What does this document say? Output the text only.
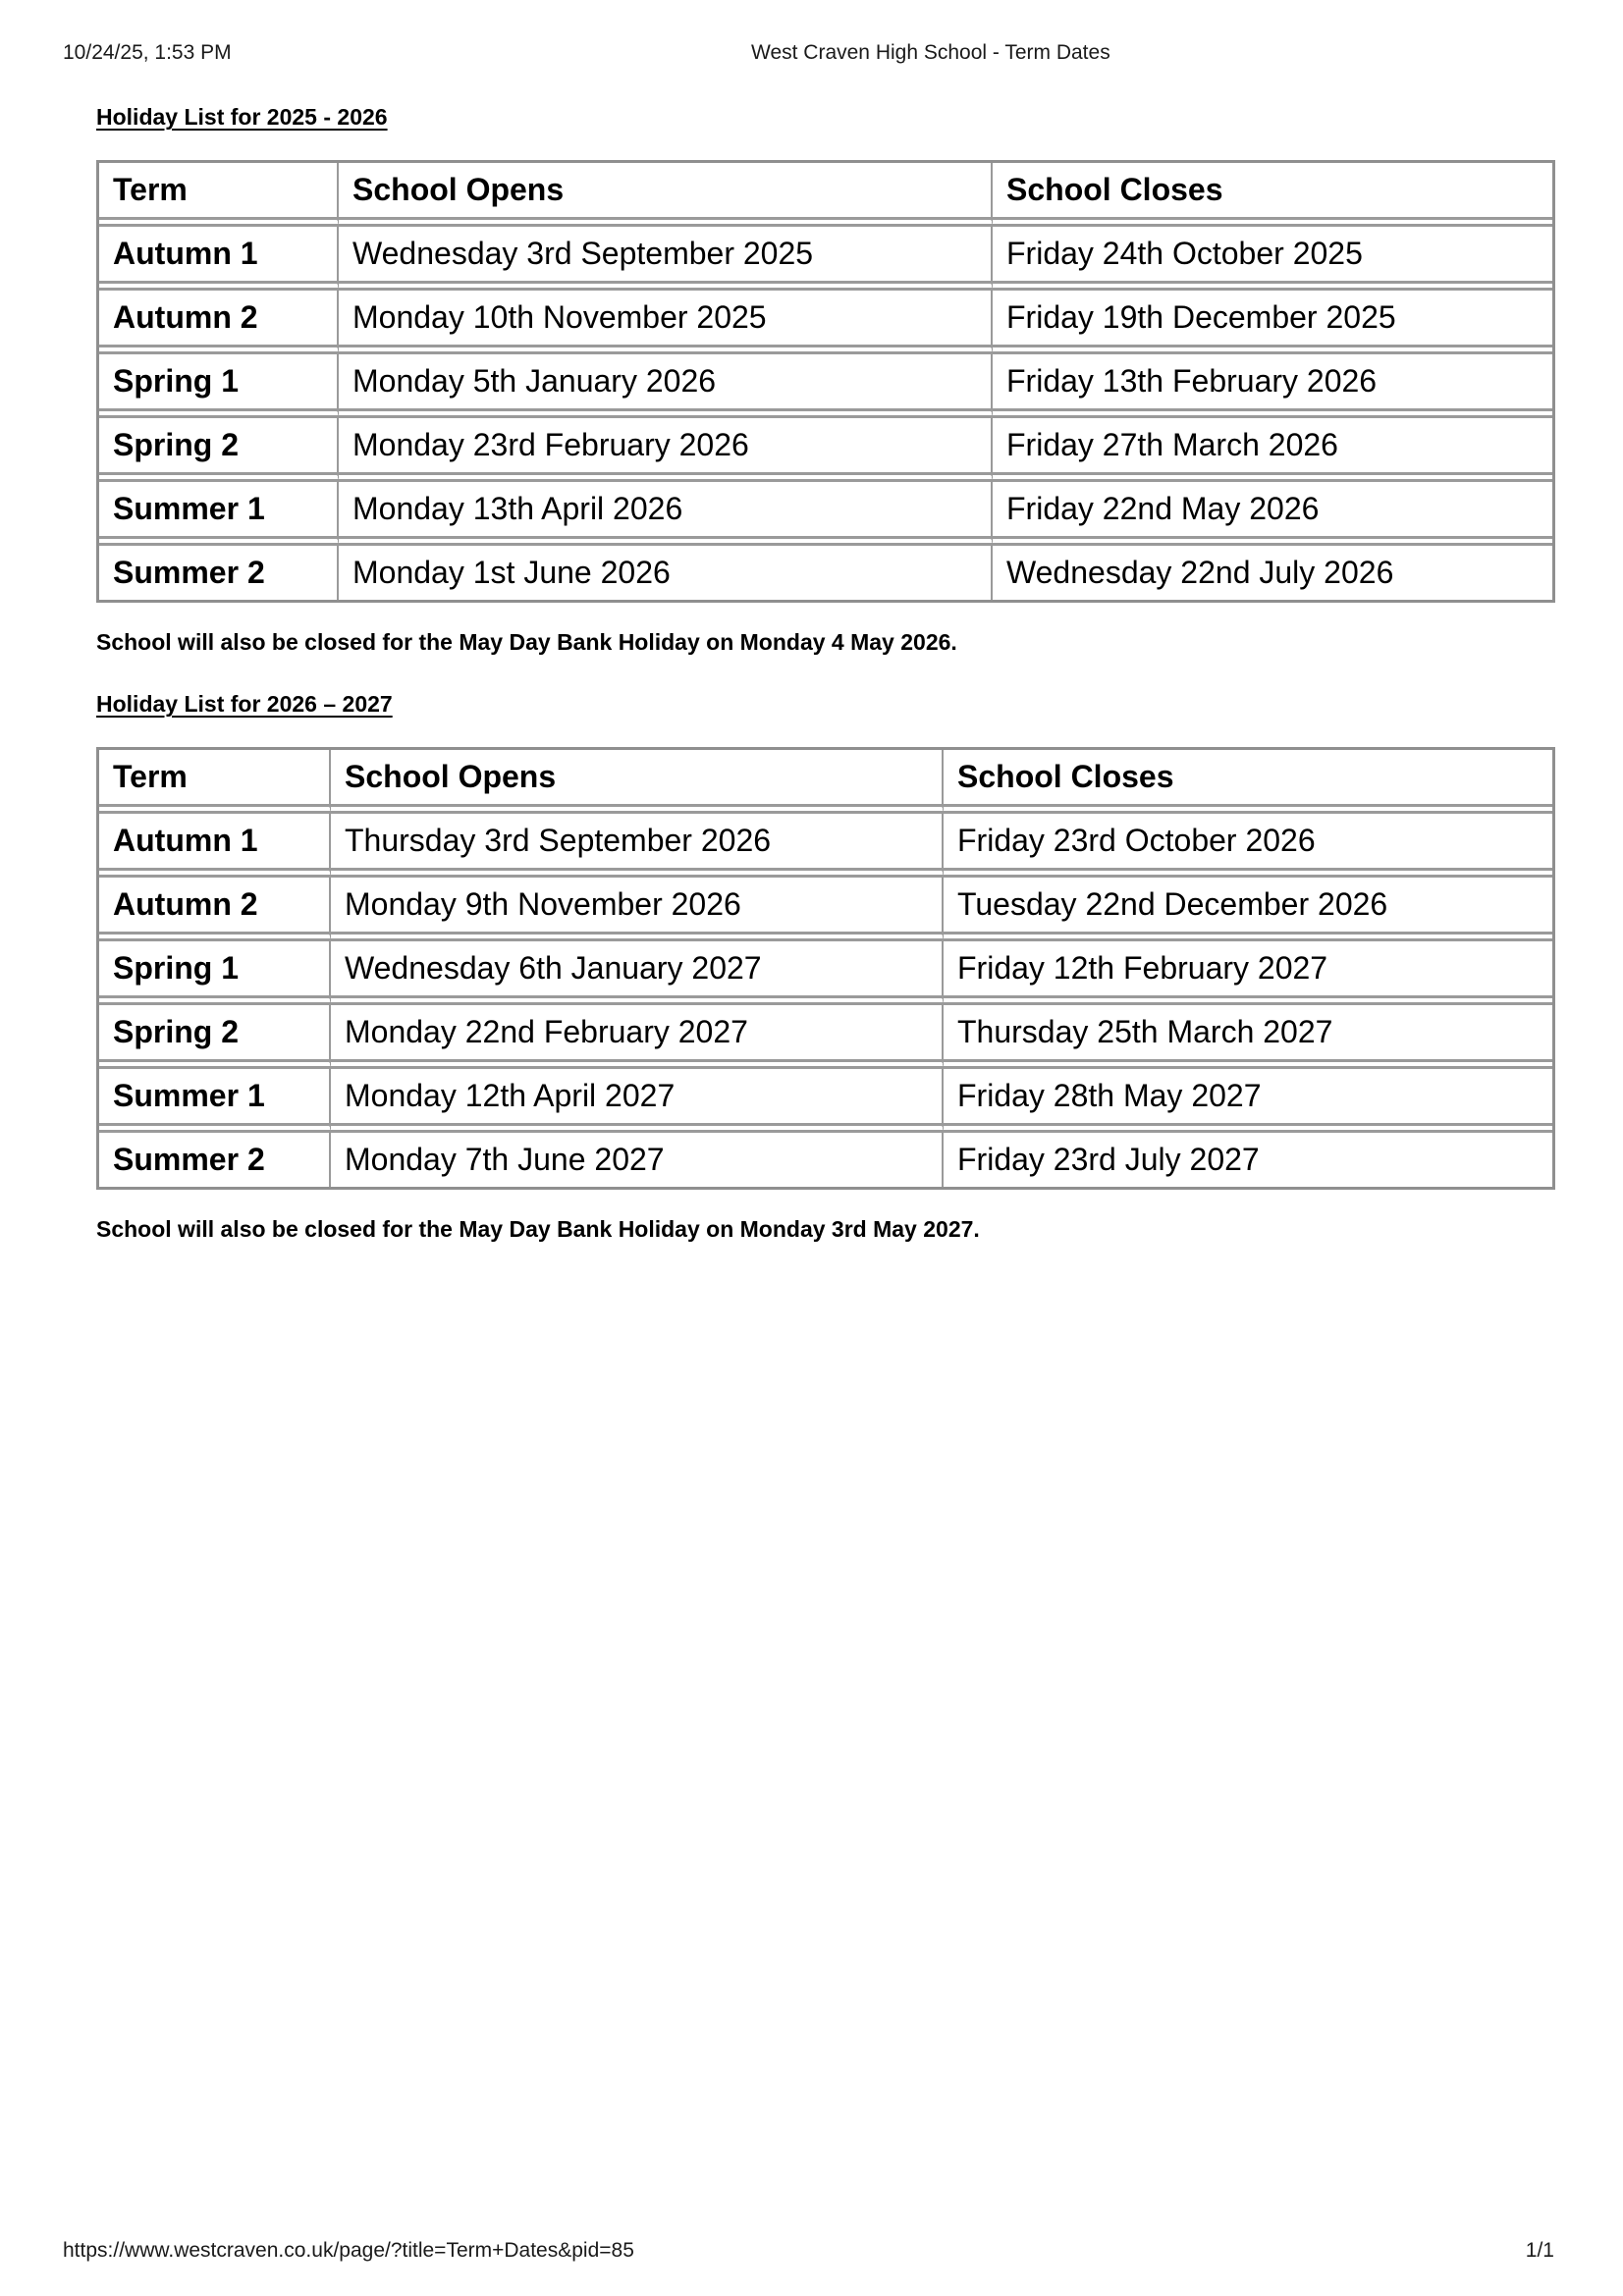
10/24/25, 1:53 PM	West Craven High School - Term Dates
Holiday List for 2025 - 2026
Term	School Opens	School Closes
Autumn 1	Wednesday 3rd September 2025	Friday 24th October 2025
Autumn 2	Monday 10th November 2025	Friday 19th December 2025
Spring 1	Monday 5th January 2026	Friday 13th February 2026
Spring 2	Monday 23rd February 2026	Friday 27th March 2026
Summer 1	Monday 13th April 2026	Friday 22nd May 2026
Summer 2	Monday 1st June 2026	Wednesday 22nd July 2026

School will also be closed for the May Day Bank Holiday on Monday 4 May 2026.

Holiday List for 2026 – 2027
Term	School Opens	School Closes
Autumn 1	Thursday 3rd September 2026	Friday 23rd October 2026
Autumn 2	Monday 9th November 2026	Tuesday 22nd December 2026
Spring 1	Wednesday 6th January 2027	Friday 12th February 2027
Spring 2	Monday 22nd February 2027	Thursday 25th March 2027
Summer 1	Monday 12th April 2027	Friday 28th May 2027
Summer 2	Monday 7th June 2027	Friday 23rd July 2027

School will also be closed for the May Day Bank Holiday on Monday 3rd May 2027.

https://www.westcraven.co.uk/page/?title=Term+Dates&pid=85	1/1
